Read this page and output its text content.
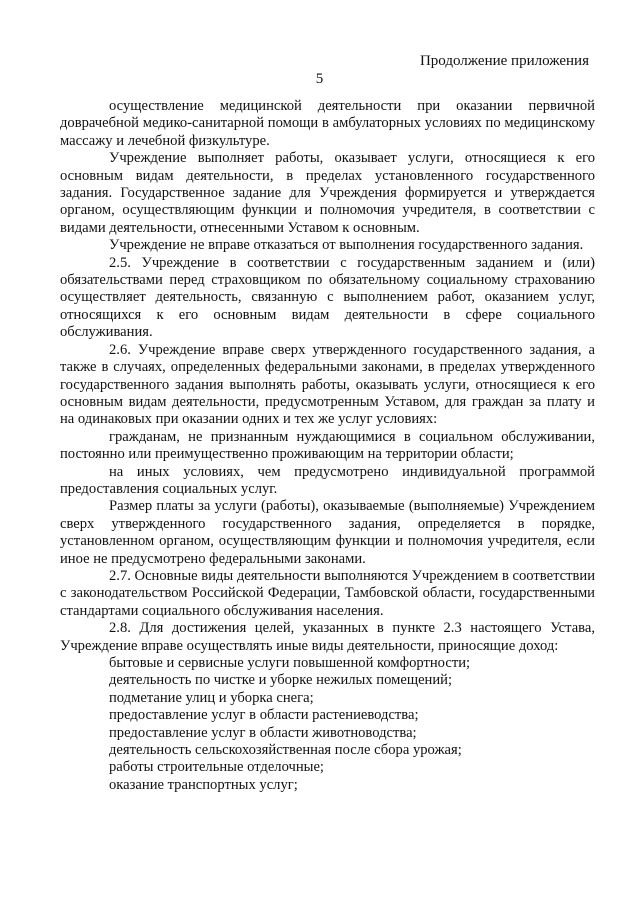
Продолжение приложения
5

осуществление медицинской деятельности при оказании первичной доврачебной медико-санитарной помощи в амбулаторных условиях по медицинскому массажу и лечебной физкультуре.

Учреждение выполняет работы, оказывает услуги, относящиеся к его основным видам деятельности, в пределах установленного государственного задания. Государственное задание для Учреждения формируется и утверждается органом, осуществляющим функции и полномочия учредителя, в соответствии с видами деятельности, отнесенными Уставом к основным.

Учреждение не вправе отказаться от выполнения государственного задания.

2.5. Учреждение в соответствии с государственным заданием и (или) обязательствами перед страховщиком по обязательному социальному страхованию осуществляет деятельность, связанную с выполнением работ, оказанием услуг, относящихся к его основным видам деятельности в сфере социального обслуживания.

2.6. Учреждение вправе сверх утвержденного государственного задания, а также в случаях, определенных федеральными законами, в пределах утвержденного государственного задания выполнять работы, оказывать услуги, относящиеся к его основным видам деятельности, предусмотренным Уставом, для граждан за плату и на одинаковых при оказании одних и тех же услуг условиях:

гражданам, не признанным нуждающимися в социальном обслуживании, постоянно или преимущественно проживающим на территории области;

на иных условиях, чем предусмотрено индивидуальной программой предоставления социальных услуг.

Размер платы за услуги (работы), оказываемые (выполняемые) Учреждением сверх утвержденного государственного задания, определяется в порядке, установленном органом, осуществляющим функции и полномочия учредителя, если иное не предусмотрено федеральными законами.

2.7. Основные виды деятельности выполняются Учреждением в соответствии с законодательством Российской Федерации, Тамбовской области, государственными стандартами социального обслуживания населения.

2.8. Для достижения целей, указанных в пункте 2.3 настоящего Устава, Учреждение вправе осуществлять иные виды деятельности, приносящие доход:

бытовые и сервисные услуги повышенной комфортности;

деятельность по чистке и уборке нежилых помещений;

подметание улиц и уборка снега;

предоставление услуг в области растениеводства;

предоставление услуг в области животноводства;

деятельность сельскохозяйственная после сбора урожая;

работы строительные отделочные;

оказание транспортных услуг;
